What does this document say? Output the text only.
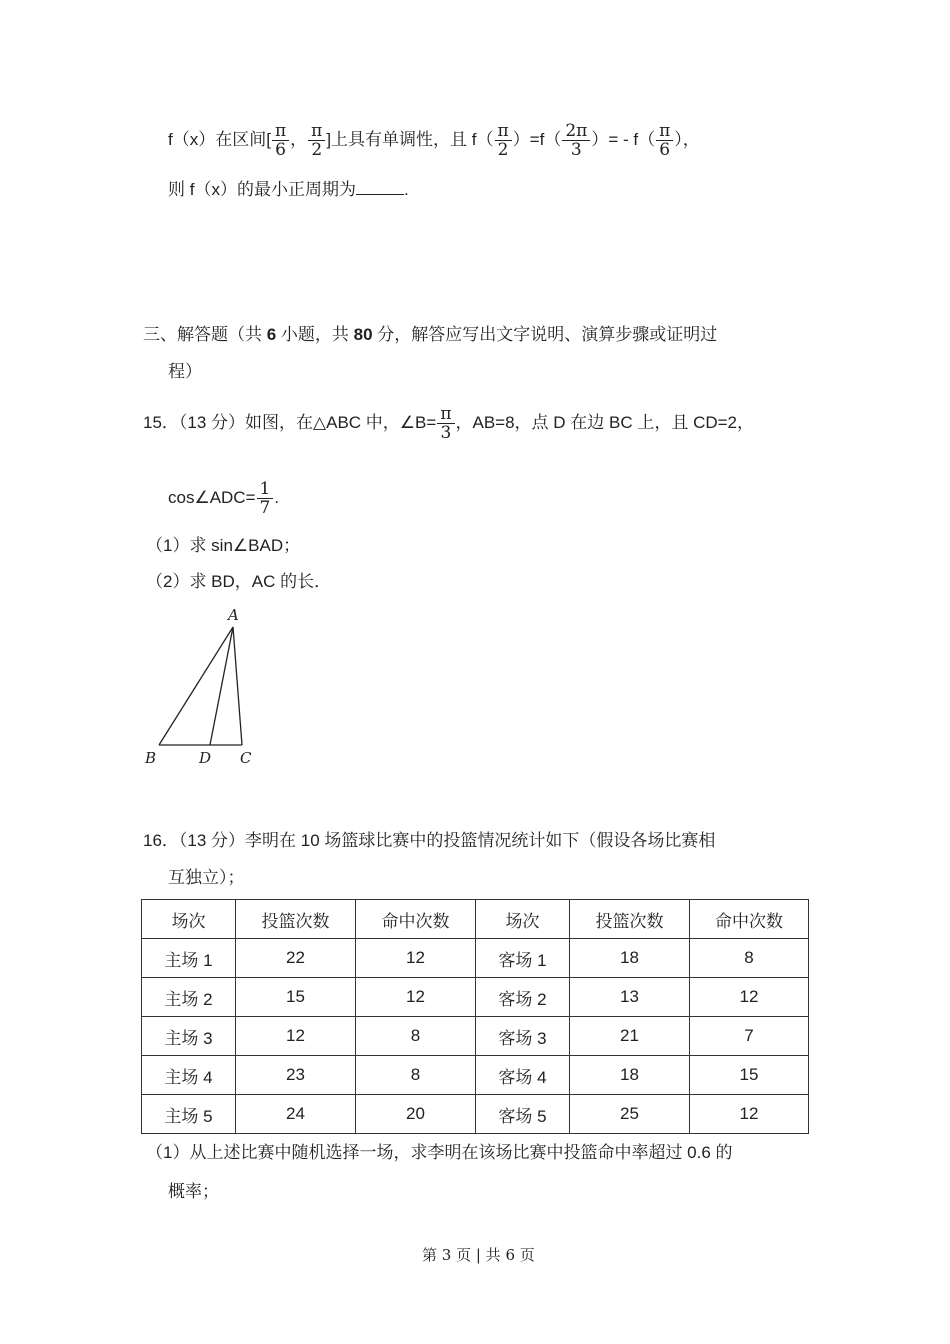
f（x）在区间[ $\frac{\pi}{6}$ ， $\frac{\pi}{2}$ ]上具有单调性，且 $f( \frac{\pi}{2} )=f( \frac{2\pi}{3}$ ）= - $f( \frac{\pi}{6}$ ），
则 f（x）的最小正周期为	.
三、解答题（共 6 小题，共 80 分，解答应写出文字说明、演算步骤或证明过
程）
15．（13 分）如图，在△ABC 中，∠B= $\frac{\pi}{3}$ ，AB=8，点 D 在边 BC 上，且 CD=2，
cos∠ADC= $\frac{1}{7}$ .
（1）求 sin∠BAD；
（2）求 BD，AC 的长．
A
B	D C
16．（13 分）李明在 10 场篮球比赛中的投篮情况统计如下（假设各场比赛相
互独立）；
场次	投篮次数	命中次数	场次	投篮次数	命中次数
主场 1	22	12	客场 1	18	8
主场 2	15	12	客场 2	13	12
主场 3	12	8	客场 3	21	7
主场 4	23	8	客场 4	18	15
主场 5	24	20	客场 5	25	12
（1）从上述比赛中随机选择一场，求李明在该场比赛中投篮命中率超过 0.6 的
概率；
第 3 页 | 共 6 页
